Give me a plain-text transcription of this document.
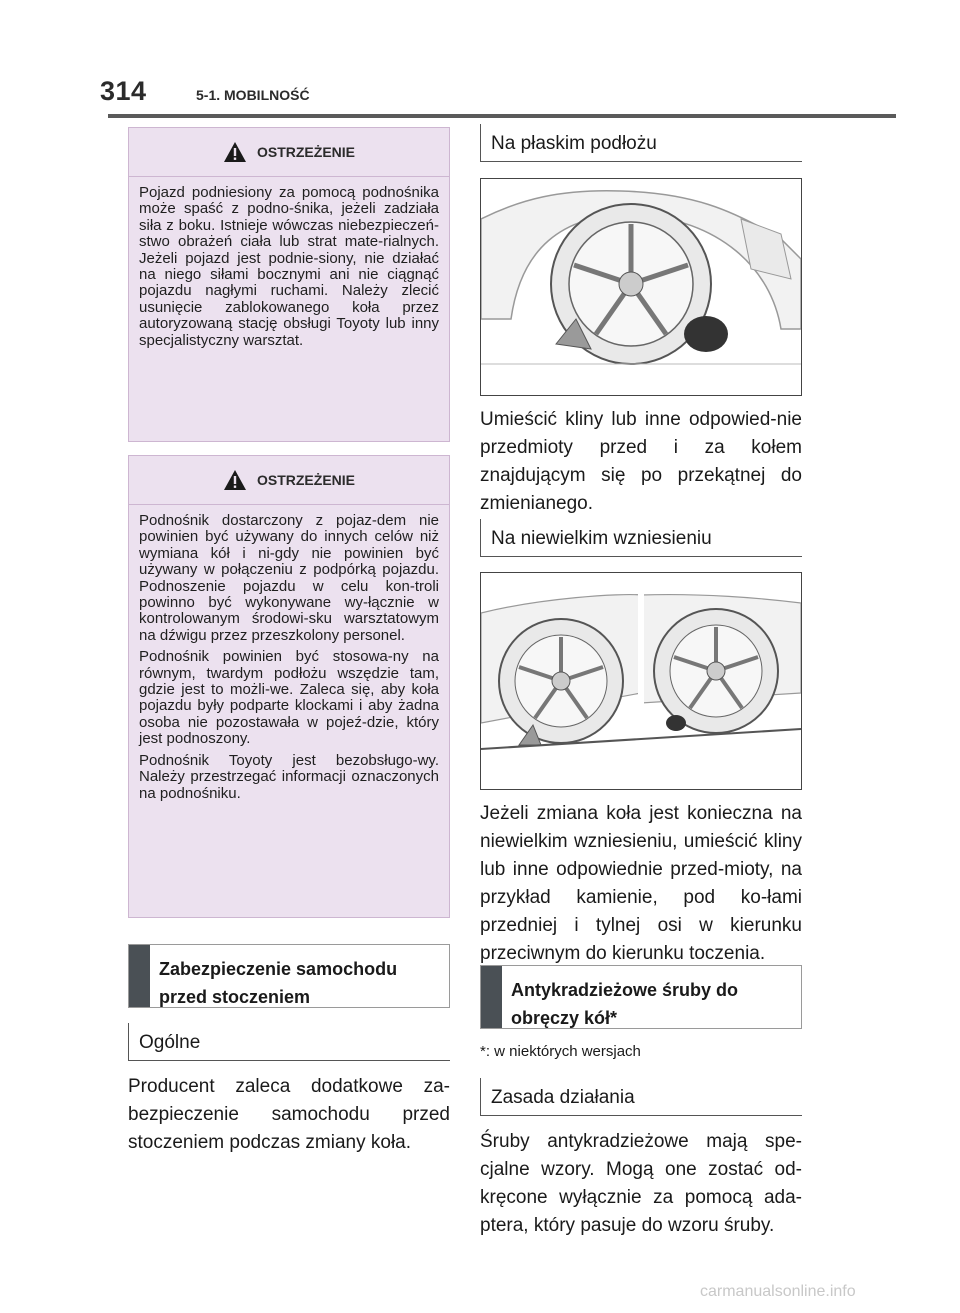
314	5-1. MOBILNOŚĆ
OSTRZEŻENIE

Pojazd podniesiony za pomocą podnośnika może spaść z podno-śnika, jeżeli zadziała siła z boku. Istnieje wówczas niebezpieczeń-stwo obrażeń ciała lub strat mate-rialnych. Jeżeli pojazd jest podnie-siony, nie działać na niego siłami bocznymi ani nie ciągnąć pojazdu nagłymi ruchami. Należy zlecić usunięcie zablokowanego koła przez autoryzowaną stację obsługi Toyoty lub inny specjalistyczny warsztat.

OSTRZEŻENIE

Podnośnik dostarczony z pojaz-dem nie powinien być używany do innych celów niż wymiana kół i ni-gdy nie powinien być używany w połączeniu z podpórką pojazdu. Podnoszenie pojazdu w celu kon-troli powinno być wykonywane wy-łącznie w kontrolowanym środowi-sku warsztatowym na dźwigu przez przeszkolony personel.

Podnośnik powinien być stosowa-ny na równym, twardym podłożu wszędzie tam, gdzie jest to możli-we. Zaleca się, aby koła pojazdu były podparte klockami i aby żadna osoba nie pozostawała w pojeź-dzie, który jest podnoszony.

Podnośnik Toyoty jest bezobsługo-wy. Należy przestrzegać informacji oznaczonych na podnośniku.

Zabezpieczenie samochodu przed stoczeniem
Ogólne
Producent zaleca dodatkowe za-bezpieczenie samochodu przed stoczeniem podczas zmiany koła.
Na płaskim podłożu
Umieścić kliny lub inne odpowied-nie przedmioty przed i za kołem znajdującym się po przekątnej do zmienianego.
Na niewielkim wzniesieniu
Jeżeli zmiana koła jest konieczna na niewielkim wzniesieniu, umieścić kliny lub inne odpowiednie przed-mioty, na przykład kamienie, pod ko-łami przedniej i tylnej osi w kierunku przeciwnym do kierunku toczenia.
Antykradzieżowe śruby do obręczy kół*
*: w niektórych wersjach
Zasada działania
Śruby antykradzieżowe mają spe-cjalne wzory. Mogą one zostać od-kręcone wyłącznie za pomocą ada-ptera, który pasuje do wzoru śruby.
carmanualsonline.info
